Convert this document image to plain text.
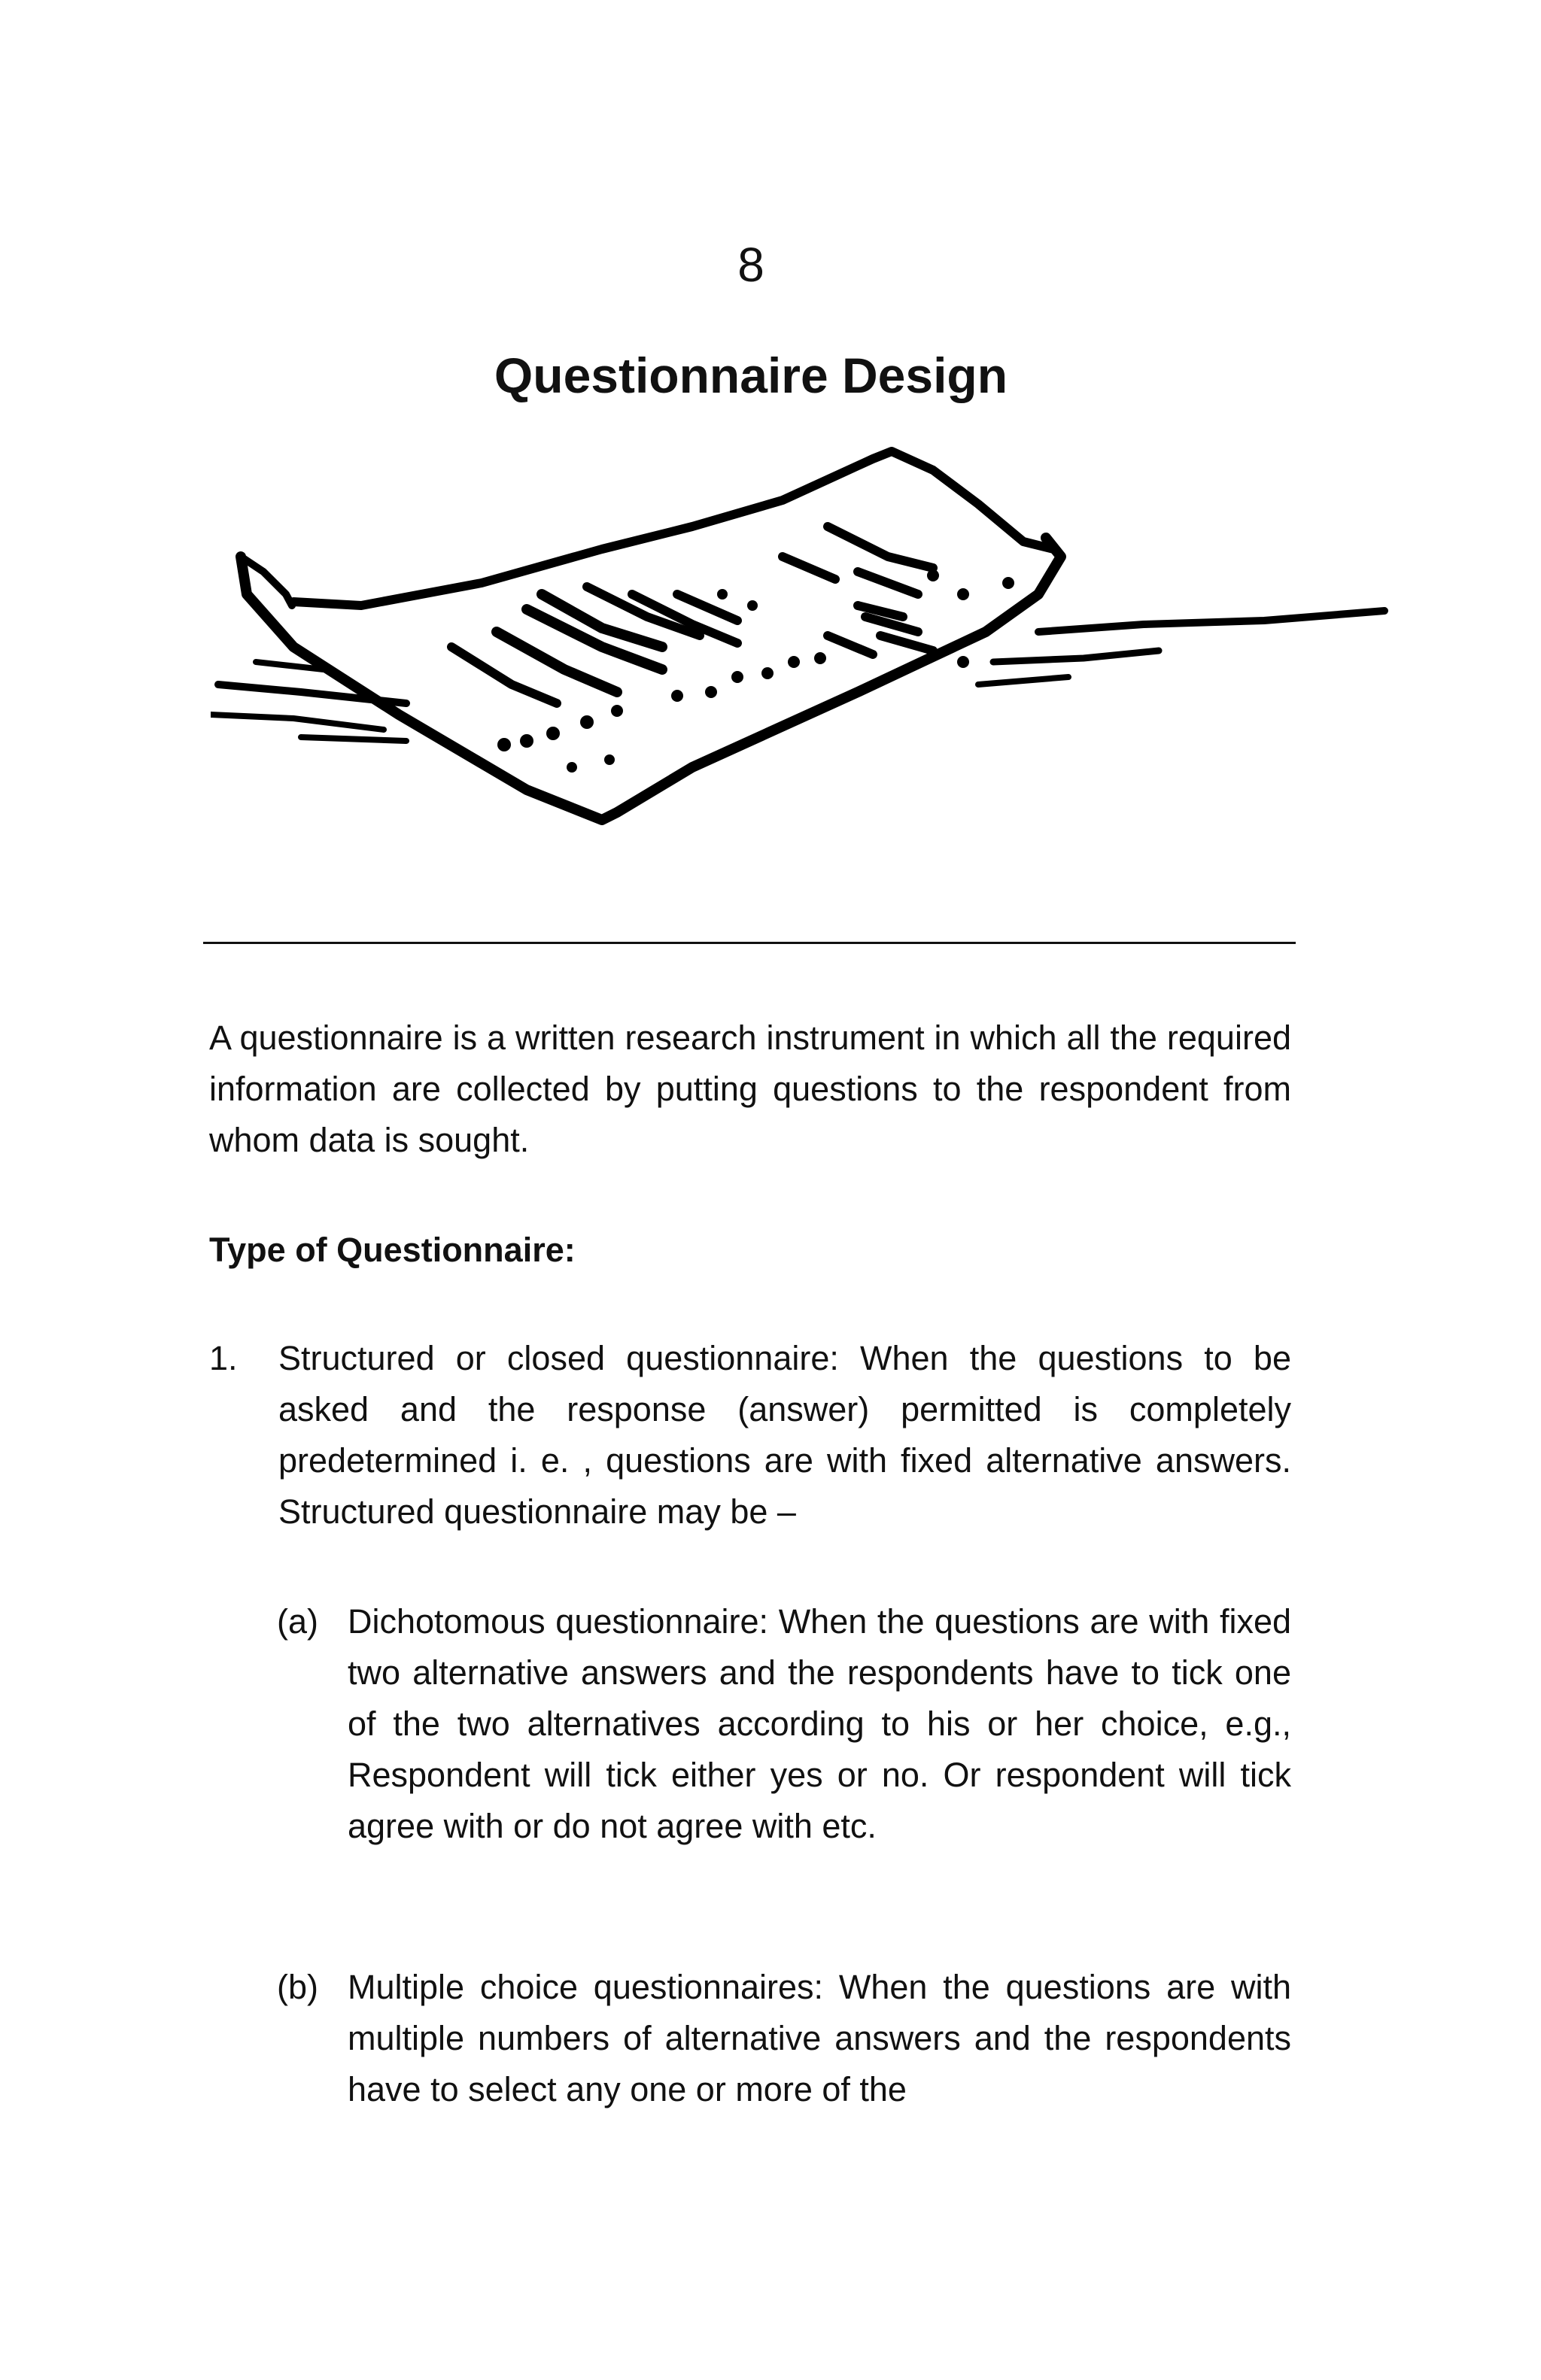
8
Questionnaire Design
A questionnaire is a written research instrument in which all the required information are collected by putting questions to the respondent from whom data is sought.
Type of Questionnaire:
1. Structured or closed questionnaire: When the questions to be asked and the response (answer) permitted is completely predetermined i. e. , questions are with fixed alternative answers. Structured questionnaire may be –
(a) Dichotomous questionnaire: When the questions are with fixed two alternative answers and the respondents have to tick one of the two alternatives according to his or her choice, e.g., Respondent will tick either yes or no. Or respondent will tick agree with or do not agree with etc.
(b) Multiple choice questionnaires: When the questions are with multiple numbers of alternative answers and the respondents have to select any one or more of the
